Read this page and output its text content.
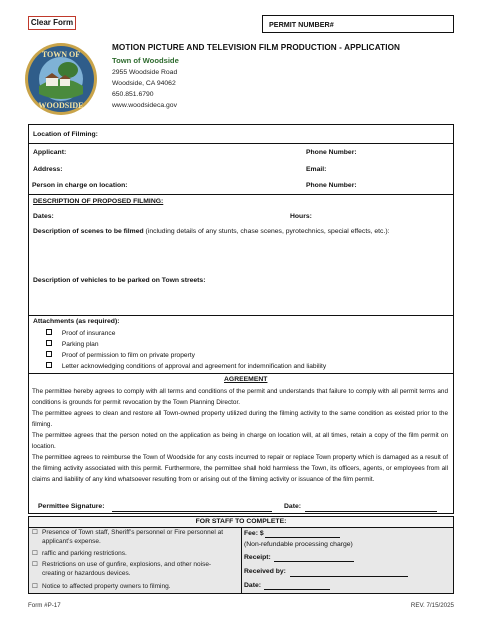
Clear Form	PERMIT NUMBER#
TOWN OF
WOODSIDE
MOTION PICTURE AND TELEVISION FILM PRODUCTION - APPLICATION
Town of Woodside
2955 Woodside Road
Woodside, CA 94062
650.851.6790
www.woodsideca.gov
Location of Filming:
Applicant:	Phone Number:
Address:	Email:
Person in charge on location:	Phone Number:
DESCRIPTION OF PROPOSED FILMING:
Dates:	Hours:
Description of scenes to be filmed (including details of any stunts, chase scenes, pyrotechnics, special effects, etc.):
Description of vehicles to be parked on Town streets:
Attachments (as required):
Proof of insurance
Parking plan
Proof of permission to film on private property
Letter acknowledging conditions of approval and agreement for indemnification and liability
AGREEMENT
The permittee hereby agrees to comply with all terms and conditions of the permit and understands that failure to comply with all permit terms and conditions is grounds for permit revocation by the Town Planning Director.
The permittee agrees to clean and restore all Town-owned property utilized during the filming activity to the same condition as existed prior to the filming.
The permittee agrees that the person noted on the application as being in charge on location will, at all times, retain a copy of the film permit on location.
The permittee agrees to reimburse the Town of Woodside for any costs incurred to repair or replace Town property which is damaged as a result of the filming activity associated with this permit. Furthermore, the permittee shall hold harmless the Town, its officers, agents, or employees from all claims and liability of any kind whatsoever resulting from or arising out of the filming activity or issuance of the film permit.
Permittee Signature:	Date:
FOR STAFF TO COMPLETE:
☐ Presence of Town staff, Sheriff’s personnel or Fire personnel at applicant’s expense.
☐ raffic and parking restrictions.
☐ Restrictions on use of gunfire, explosions, and other noise-creating or hazardous devices.
☐ Notice to affected property owners to filming.
Fee: $
(Non-refundable processing charge)
Receipt:
Received by:
Date:
Form #P-17	REV. 7/15/2025
